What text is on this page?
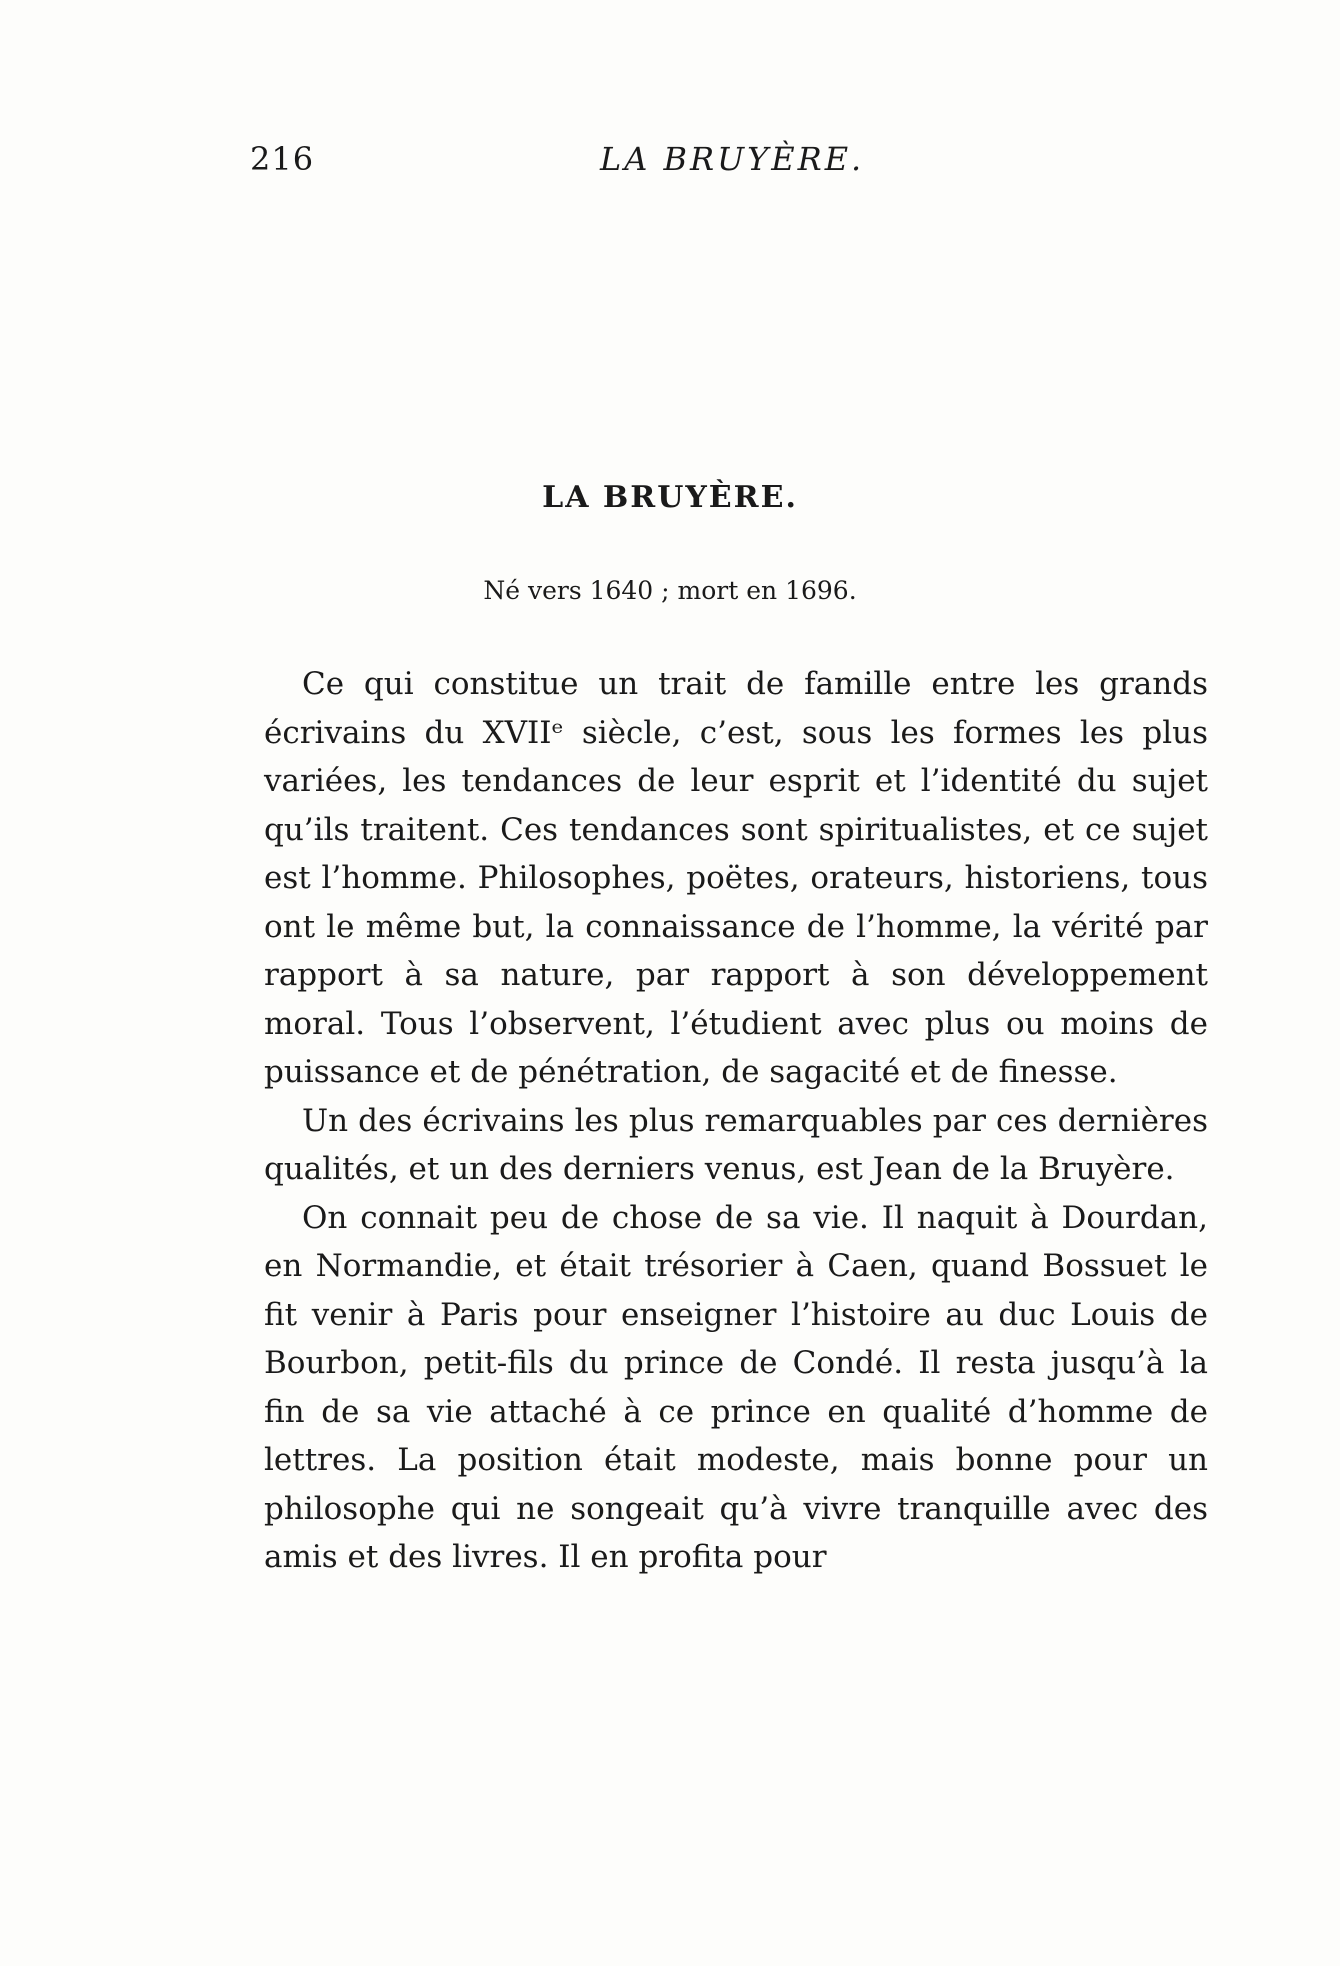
216	LA BRUYÈRE.
LA BRUYÈRE.
Né vers 1640 ; mort en 1696.

Ce qui constitue un trait de famille entre les grands écrivains du XVIIᵉ siècle, c’est, sous les formes les plus variées, les tendances de leur esprit et l’identité du sujet qu’ils traitent. Ces tendances sont spiritualistes, et ce sujet est l’homme. Philosophes, poëtes, orateurs, historiens, tous ont le même but, la connaissance de l’homme, la vérité par rapport à sa nature, par rapport à son développement moral. Tous l’observent, l’étudient avec plus ou moins de puissance et de pénétration, de sagacité et de finesse.

Un des écrivains les plus remarquables par ces dernières qualités, et un des derniers venus, est Jean de la Bruyère.

On connait peu de chose de sa vie. Il naquit à Dourdan, en Normandie, et était trésorier à Caen, quand Bossuet le fit venir à Paris pour enseigner l’histoire au duc Louis de Bourbon, petit-fils du prince de Condé. Il resta jusqu’à la fin de sa vie attaché à ce prince en qualité d’homme de lettres. La position était modeste, mais bonne pour un philosophe qui ne songeait qu’à vivre tranquille avec des amis et des livres. Il en profita pour
